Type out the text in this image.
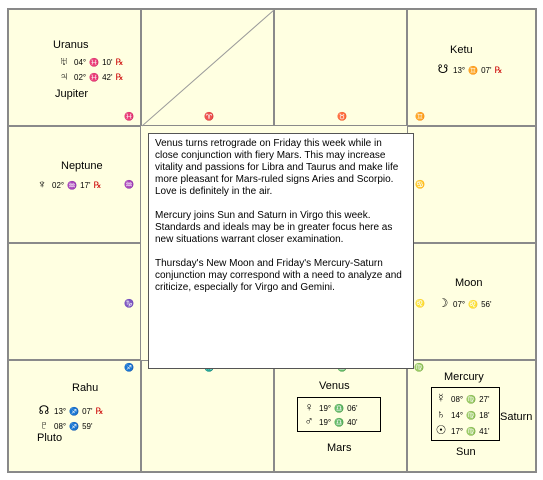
Uranus
♅ 04° ♓ 10' ℞
♃ 02° ♓ 42' ℞
Jupiter
♓	♈	♉
Ketu
☋ 13° ♊ 07' ℞
♊
Neptune
♆ 02° ♒ 17' ℞	♒	♋
♑
Moon
☽ 07° ♌ 56'
♌
Rahu
☊ 13° ♐ 07' ℞
♇ 08° ♐ 59'
Pluto
♐
Venus
♀ 19° ♎ 06'
♂ 19° ♎ 40'
Mars
♍
Mercury
☿ 08° ♍ 27'
♄ 14° ♍ 18'
☉ 17° ♍ 41'
Saturn
Sun

Venus turns retrograde on Friday this week while in close conjunction with fiery Mars. This may increase vitality and passions for Libra and Taurus and make life more pleasant for Mars-ruled signs Aries and Scorpio. Love is definitely in the air.

Mercury joins Sun and Saturn in Virgo this week. Standards and ideals may be in greater focus here as new situations warrant closer examination.

Thursday's New Moon and Friday's Mercury-Saturn conjunction may correspond with a need to analyze and criticize, especially for Virgo and Gemini.
